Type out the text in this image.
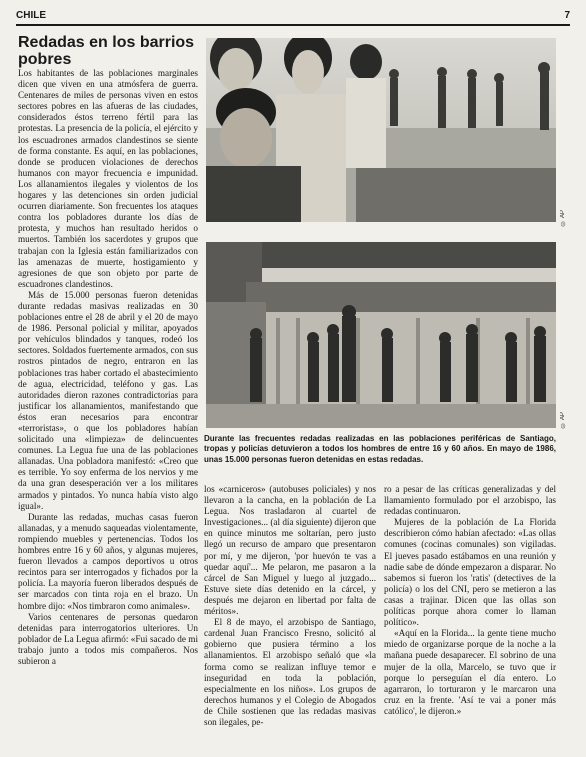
CHILE	7
Redadas en los barrios pobres

Los habitantes de las poblaciones marginales dicen que viven en una atmósfera de guerra. Centenares de miles de personas viven en estos sectores pobres en las afueras de las ciudades, considerados éstos terreno fértil para las protestas. La presencia de la policía, el ejército y los escuadrones armados clandestinos se siente de forma constante. Es aquí, en las poblaciones, donde se producen violaciones de derechos humanos con mayor frecuencia e impunidad. Los allanamientos ilegales y violentos de los hogares y las detenciones sin orden judicial ocurren diariamente. Son frecuentes los ataques contra los pobladores durante los días de protesta, y muchos han resultado heridos o muertos. También los sacerdotes y grupos que trabajan con la Iglesia están familiarizados con las amenazas de muerte, hostigamiento y agresiones de que son objeto por parte de escuadrones clandestinos.

Más de 15.000 personas fueron detenidas durante redadas masivas realizadas en 30 poblaciones entre el 28 de abril y el 20 de mayo de 1986. Personal policial y militar, apoyados por vehículos blindados y tanques, rodeó los sectores. Soldados fuertemente armados, con sus rostros pintados de negro, entraron en las poblaciones tras haber cortado el abastecimiento de agua, electricidad, teléfono y gas. Las autoridades dieron razones contradictorias para justificar los allanamientos, manifestando que éstos eran necesarios para encontrar «terroristas», o que los pobladores habían solicitado una «limpieza» de delincuentes comunes. La Legua fue una de las poblaciones allanadas. Una pobladora manifestó: «Creo que es terrible. Yo soy enferma de los nervios y me da una gran desesperación ver a los militares armados y pintados. Yo nunca había visto algo igual».

Durante las redadas, muchas casas fueron allanadas, y a menudo saqueadas violentamente, rompiendo muebles y pertenencias. Todos los hombres entre 16 y 60 años, y algunas mujeres, fueron llevados a campos deportivos u otros recintos para ser interrogados y fichados por la policía. La mayoría fueron liberados después de ser marcados con tinta roja en el brazo. Un hombre dijo: «Nos timbraron como animales».

Varios centenares de personas quedaron detenidas para interrogatorios ulteriores. Un poblador de La Legua afirmó: «Fui sacado de mi trabajo junto a todos mis compañeros. Nos subieron a

© AP
© AP

Durante las frecuentes redadas realizadas en las poblaciones periféricas de Santiago, tropas y policías detuvieron a todos los hombres de entre 16 y 60 años. En mayo de 1986, unas 15.000 personas fueron detenidas en estas redadas.

los «carniceros» (autobuses policiales) y nos llevaron a la cancha, en la población de La Legua. Nos trasladaron al cuartel de Investigaciones... (al día siguiente) dijeron que en quince minutos me soltarían, pero justo llegó un recurso de amparo que presentaron por mí, y me dijeron, 'por huevón te vas a quedar aquí'... Me pelaron, me pasaron a la cárcel de San Miguel y luego al juzgado... Estuve siete días detenido en la cárcel, y después me dejaron en libertad por falta de méritos».

El 8 de mayo, el arzobispo de Santiago, cardenal Juan Francisco Fresno, solicitó al gobierno que pusiera término a los allanamientos. El arzobispo señaló que «la forma como se realizan influye temor e inseguridad en toda la población, especialmente en los niños». Los grupos de derechos humanos y el Colegio de Abogados de Chile sostienen que las redadas masivas son ilegales, pe-

ro a pesar de las críticas generalizadas y del llamamiento formulado por el arzobispo, las redadas continuaron.

Mujeres de la población de La Florida describieron cómo habían afectado: «Las ollas comunes (cocinas comunales) son vigiladas. El jueves pasado estábamos en una reunión y nadie sabe de dónde empezaron a disparar. No sabemos si fueron los 'ratis' (detectives de la policía) o los del CNI, pero se metieron a las casas a trajinar. Dicen que las ollas son políticas porque ahora comer lo llaman político».

«Aquí en la Florida... la gente tiene mucho miedo de organizarse porque de la noche a la mañana puede desaparecer. El sobrino de una mujer de la olla, Marcelo, se tuvo que ir porque lo perseguían el día entero. Lo agarraron, lo torturaron y le marcaron una cruz en la frente. 'Así te vai a poner más católico', le dijeron.»
